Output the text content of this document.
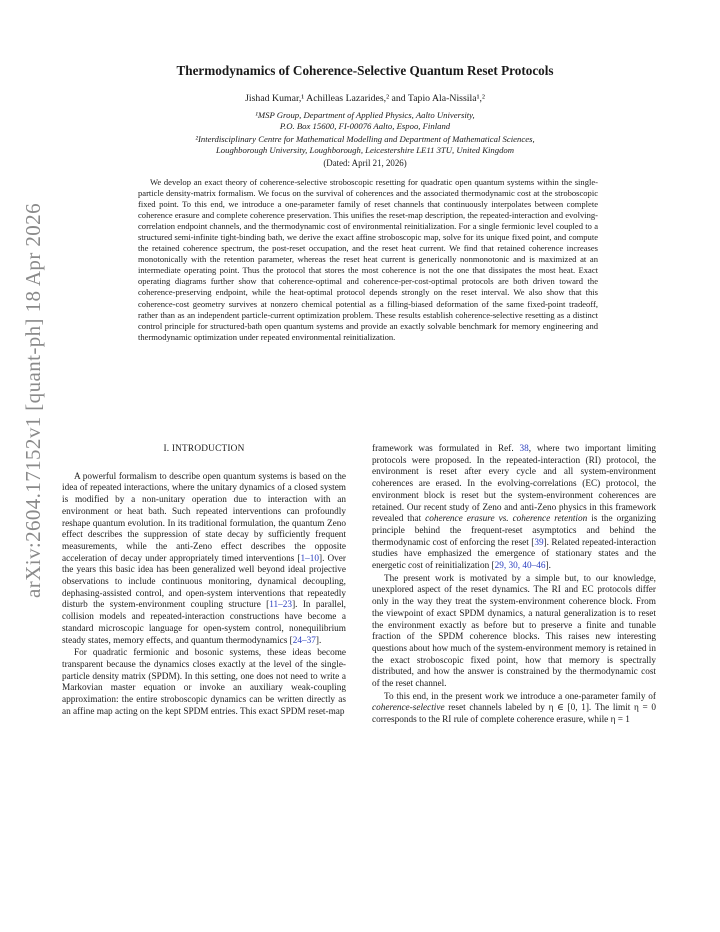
arXiv:2604.17152v1 [quant-ph] 18 Apr 2026
Thermodynamics of Coherence-Selective Quantum Reset Protocols

Jishad Kumar,¹ Achilleas Lazarides,² and Tapio Ala-Nissila¹,²

¹MSP Group, Department of Applied Physics, Aalto University,

P.O. Box 15600, FI-00076 Aalto, Espoo, Finland

²Interdisciplinary Centre for Mathematical Modelling and Department of Mathematical Sciences,

Loughborough University, Loughborough, Leicestershire LE11 3TU, United Kingdom

(Dated: April 21, 2026)

We develop an exact theory of coherence-selective stroboscopic resetting for quadratic open quantum systems within the single-particle density-matrix formalism. We focus on the survival of coherences and the associated thermodynamic cost at the stroboscopic fixed point. To this end, we introduce a one-parameter family of reset channels that continuously interpolates between complete coherence erasure and complete coherence preservation. This unifies the reset-map description, the repeated-interaction and evolving-correlation endpoint channels, and the thermodynamic cost of environmental reinitialization. For a single fermionic level coupled to a structured semi-infinite tight-binding bath, we derive the exact affine stroboscopic map, solve for its unique fixed point, and compute the retained coherence spectrum, the post-reset occupation, and the reset heat current. We find that retained coherence increases monotonically with the retention parameter, whereas the reset heat current is generically nonmonotonic and is maximized at an intermediate operating point. Thus the protocol that stores the most coherence is not the one that dissipates the most heat. Exact operating diagrams further show that coherence-optimal and coherence-per-cost-optimal protocols are both driven toward the coherence-preserving endpoint, while the heat-optimal protocol depends strongly on the reset interval. We also show that this coherence-cost geometry survives at nonzero chemical potential as a filling-biased deformation of the same fixed-point tradeoff, rather than as an independent particle-current optimization problem. These results establish coherence-selective resetting as a distinct control principle for structured-bath open quantum systems and provide an exactly solvable benchmark for memory engineering and thermodynamic optimization under repeated environmental reinitialization.

I. INTRODUCTION

A powerful formalism to describe open quantum systems is based on the idea of repeated interactions, where the unitary dynamics of a closed system is modified by a non-unitary operation due to interaction with an environment or heat bath. Such repeated interventions can profoundly reshape quantum evolution. In its traditional formulation, the quantum Zeno effect describes the suppression of state decay by sufficiently frequent measurements, while the anti-Zeno effect describes the opposite acceleration of decay under appropriately timed interventions [1–10]. Over the years this basic idea has been generalized well beyond ideal projective observations to include continuous monitoring, dynamical decoupling, dephasing-assisted control, and open-system interventions that repeatedly disturb the system-environment coupling structure [11–23]. In parallel, collision models and repeated-interaction constructions have become a standard microscopic language for open-system control, nonequilibrium steady states, memory effects, and quantum thermodynamics [24–37].

For quadratic fermionic and bosonic systems, these ideas become transparent because the dynamics closes exactly at the level of the single-particle density matrix (SPDM). In this setting, one does not need to write a Markovian master equation or invoke an auxiliary weak-coupling approximation: the entire stroboscopic dynamics can be written directly as an affine map acting on the kept SPDM entries. This exact SPDM reset-map

framework was formulated in Ref. 38, where two important limiting protocols were proposed. In the repeated-interaction (RI) protocol, the environment is reset after every cycle and all system-environment coherences are erased. In the evolving-correlations (EC) protocol, the environment block is reset but the system-environment coherences are retained. Our recent study of Zeno and anti-Zeno physics in this framework revealed that coherence erasure vs. coherence retention is the organizing principle behind the frequent-reset asymptotics and behind the thermodynamic cost of enforcing the reset [39]. Related repeated-interaction studies have emphasized the emergence of stationary states and the energetic cost of reinitialization [29, 30, 40–46].

The present work is motivated by a simple but, to our knowledge, unexplored aspect of the reset dynamics. The RI and EC protocols differ only in the way they treat the system-environment coherence block. From the viewpoint of exact SPDM dynamics, a natural generalization is to reset the environment exactly as before but to preserve a finite and tunable fraction of the SPDM coherence blocks. This raises new interesting questions about how much of the system-environment memory is retained in the exact stroboscopic fixed point, how that memory is spectrally distributed, and how the answer is constrained by the thermodynamic cost of the reset channel.

To this end, in the present work we introduce a one-parameter family of coherence-selective reset channels labeled by η ∈ [0, 1]. The limit η = 0 corresponds to the RI rule of complete coherence erasure, while η = 1
